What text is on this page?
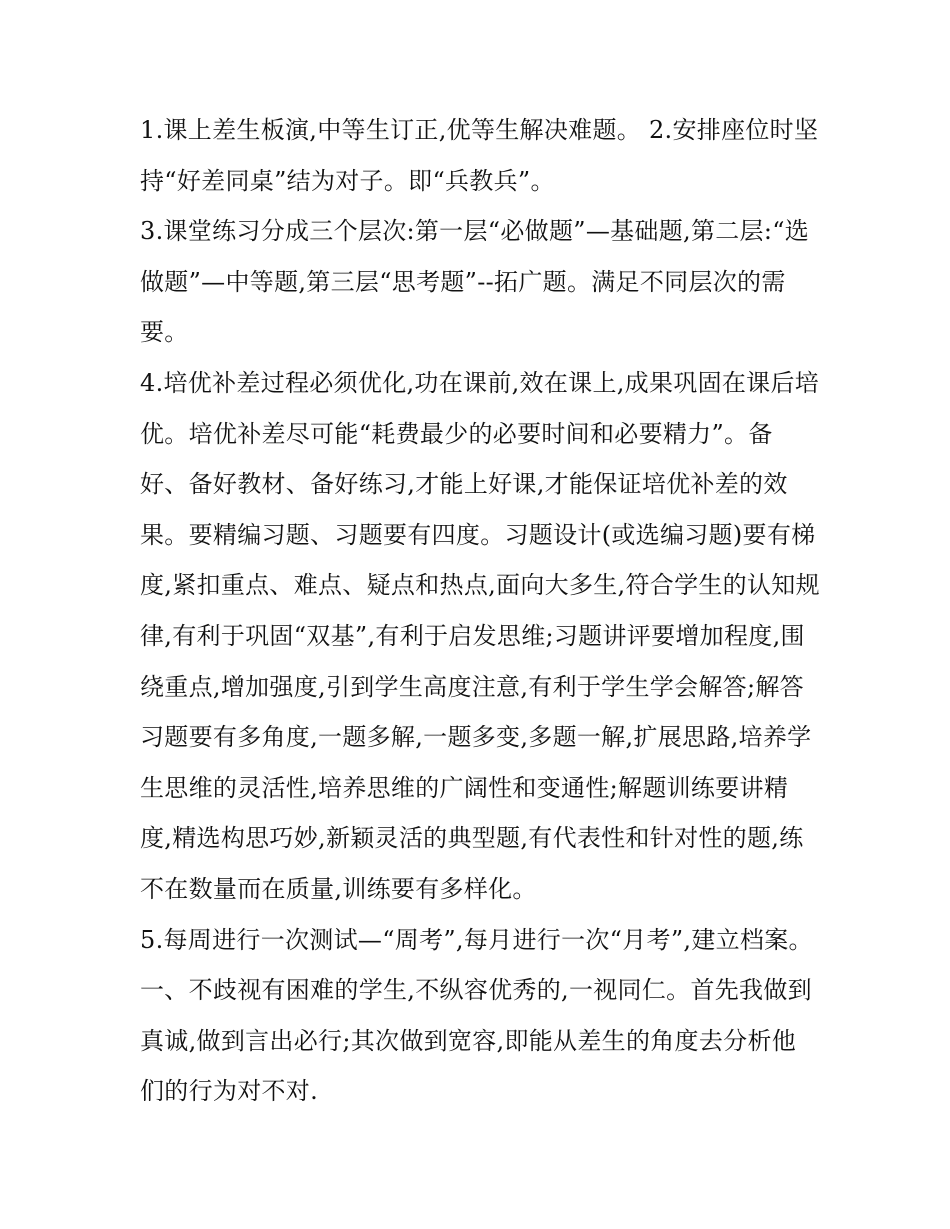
1.课上差生板演,中等生订正,优等生解决难题。 2.安排座位时坚持“好差同桌”结为对子。即“兵教兵”。

3.课堂练习分成三个层次:第一层“必做题”—基础题,第二层:“选做题”—中等题,第三层“思考题”--拓广题。满足不同层次的需要。

4.培优补差过程必须优化,功在课前,效在课上,成果巩固在课后培优。培优补差尽可能“耗费最少的必要时间和必要精力”。备好、备好教材、备好练习,才能上好课,才能保证培优补差的效果。要精编习题、习题要有四度。习题设计(或选编习题)要有梯度,紧扣重点、难点、疑点和热点,面向大多生,符合学生的认知规律,有利于巩固“双基”,有利于启发思维;习题讲评要增加程度,围绕重点,增加强度,引到学生高度注意,有利于学生学会解答;解答习题要有多角度,一题多解,一题多变,多题一解,扩展思路,培养学生思维的灵活性,培养思维的广阔性和变通性;解题训练要讲精度,精选构思巧妙,新颖灵活的典型题,有代表性和针对性的题,练不在数量而在质量,训练要有多样化。

5.每周进行一次测试—“周考”,每月进行一次“月考”,建立档案。

一、不歧视有困难的学生,不纵容优秀的,一视同仁。首先我做到真诚,做到言出必行;其次做到宽容,即能从差生的角度去分析他们的行为对不对.
